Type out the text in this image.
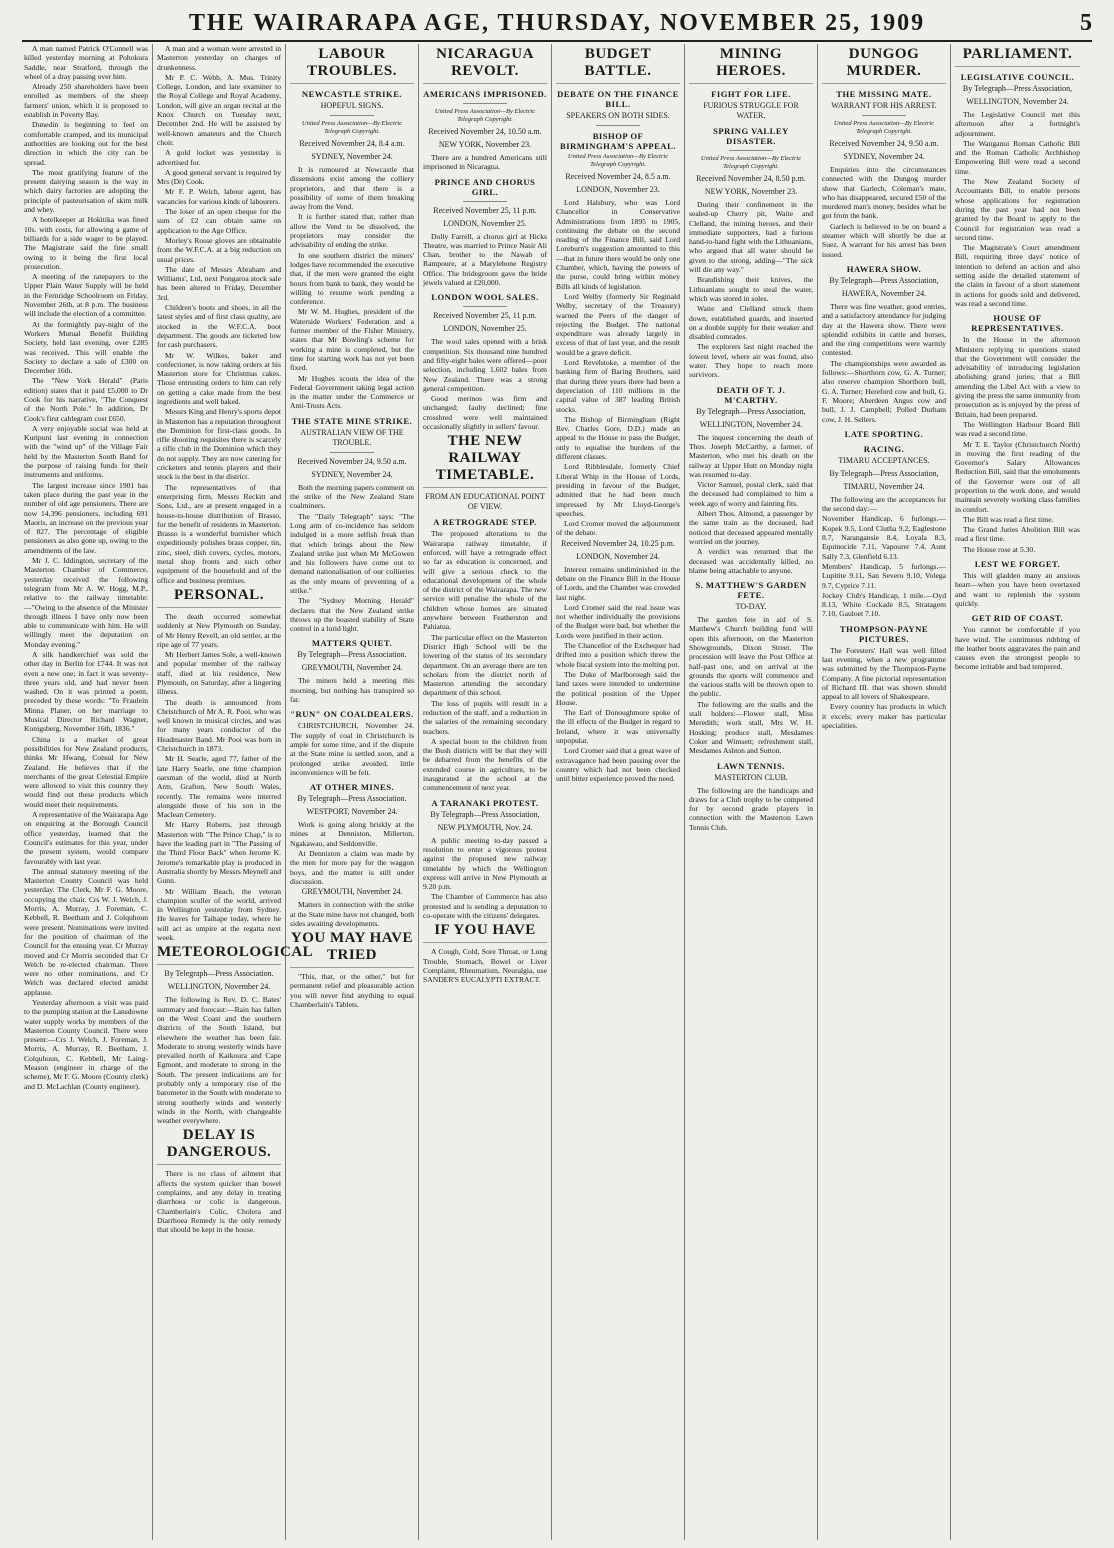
THE WAIRARAPA AGE, THURSDAY, NOVEMBER 25, 1909	5

A man named Patrick O'Connell was killed yesterday morning at Pohokura Saddle, near Stratford, through the wheel of a dray passing over him.

Already 250 shareholders have been enrolled as members of the sheep farmers' union, which it is proposed to establish in Poverty Bay.

Dunedin is beginning to feel on comfortable cramped, and its municipal authorities are looking out for the best direction in which the city can be spread.

The most gratifying feature of the present dairying season is the way in which dairy factories are adopting the principle of pasteurisation of skim milk and whey.

A hotelkeeper at Hokitika was fined 10s. with costs, for allowing a game of billiards for a side wager to be played. The Magistrate said the fine small owing to it being the first local prosecution.

A meeting of the ratepayers to the Upper Plain Water Supply will be held in the Fernridge Schoolroom on Friday, November 26th, at 8 p.m. The business will include the election of a committee.

At the fortnightly pay-night of the Workers Mutual Benefit Building Society, held last evening, over £285 was received. This will enable the Society to declare a sale of £300 on December 16th.

The "New York Herald" (Paris edition) states that it paid £5,000 to Dr Cook for his narrative, "The Conquest of the North Pole." In addition, Dr Cook's first cablegram cost £650.

A very enjoyable social was held at Kuripuni last evening in connection with the "wind up" of the Village Fair held by the Masterton South Band for the purpose of raising funds for their instruments and uniforms.

The largest increase since 1901 has taken place during the past year in the number of old age pensioners. There are now 14,396 pensioners, including 691 Maoris, an increase on the previous year of 827. The percentage of eligible pensioners as also gone up, owing to the amendments of the law.

Mr J. C. Iddington, secretary of the Masterton Chamber of Commerce, yesterday received the following telegram from Mr A. W. Hogg, M.P., relative to the railway timetable:—"Owing to the absence of the Minister through illness I have only now been able to communicate with him. He will willingly meet the deputation on Monday evening."

A silk handkerchief was sold the other day in Berlin for £744. It was not even a new one; in fact it was seventy-three years old, and had never been washed. On it was printed a poem, preceded by these words: "To Fraulein Minna Planer, on her marriage to Musical Director Richard Wagner, Konigsberg, November 16th, 1836."

China is a market of great possibilities for New Zealand products, thinks Mr Hwang, Consul for New Zealand. He believes that if the merchants of the great Celestial Empire were allowed to visit this country they would find out these products which would meet their requirements.

A representative of the Wairarapa Age on enquiring at the Borough Council office yesterday, learned that the Council's estimates for this year, under the present system, would compare favourably with last year.

The annual statutory meeting of the Masterton County Council was held yesterday. The Clerk, Mr F. G. Moore, occupying the chair. Crs W. J. Welch, J. Morris, A. Murray, J. Foreman, C. Kebbell, R. Beetham and J. Colquhoun were present. Nominations were invited for the position of chairman of the Council for the ensuing year. Cr Murray moved and Cr Morris seconded that Cr Welch be re-elected chairman. There were no other nominations, and Cr Welch was declared elected amidst applause.

Yesterday afternoon a visit was paid to the pumping station at the Lansdowne water supply works by members of the Masterton County Council. There were present:—Crs J. Welch, J. Foreman, J. Morris, A. Murray, R. Beetham, J. Colquhoun, C. Kebbell, Mr Laing-Meason (engineer in charge of the scheme), Mr F. G. Moore (County clerk) and D. McLachlan (County engineer).

A man and a woman were arrested in Masterton yesterday on charges of drunkenness.

Mr P. C. Webb, A. Mus. Trinity College, London, and late examiner to the Royal College and Royal Academy, London, will give an organ recital at the Knox Church on Tuesday next, December 2nd. He will be assisted by well-known amateurs and the Church choir.

A gold locket was yesterday is advertised for.

A good general servant is required by Mrs (Dr) Cook.

Mr F. P. Welch, labour agent, has vacancies for various kinds of labourers.

The loser of an open cheque for the sum of £2 can obtain same on application to the Age Office.

Morley's Rosse gloves are obtainable from the W.F.C.A. at a big reduction on usual prices.

The date of Messrs Abraham and Williams', Ltd, next Pongaroa stock sale has been altered to Friday, December 3rd.

Children's boots and shoes, in all the latest styles and of first class quality, are stocked in the W.F.C.A. boot department. The goods are ticketed low for cash purchasers.

Mr W. Wilkes, baker and confectioner, is now taking orders at his Masterton store for Christmas cakes. Those entrusting orders to him can rely on getting a cake made from the best ingredients and well baked.

Messrs King and Henry's sports depot in Masterton has a reputation throughout the Dominion for first-class goods. In rifle shooting requisites there is scarcely a rifle club in the Dominion which they do not supply. They are now catering for cricketers and tennis players and their stock is the best in the district.

The representatives of that enterprising firm, Messrs Reckitt and Sons, Ltd., are at present engaged in a house-to-house distribution of Brasso, for the benefit of residents in Masterton. Brasso is a wonderful burnisher which expeditiously polishes brass copper, tin, zinc, steel, dish covers, cycles, motors, metal shop fronts and such other equipment of the household and of the office and business premises.

PERSONAL.

The death occurred somewhat suddenly at New Plymouth on Sunday, of Mr Henry Revell, an old settler, at the ripe age of 77 years.

Mr Herbert James Sole, a well-known and popular member of the railway staff, died at his residence, New Plymouth, on Saturday, after a lingering illness.

The death is announced from Christchurch of Mr A. R. Pooi, who was well known in musical circles, and was for many years conductor of the Headmaster Band. Mr Pooi was born in Christchurch in 1873.

Mr H. Searle, aged 77, father of the late Harry Searle, one time champion oarsman of the world, died at North Arm, Grafton, New South Wales, recently. The remains were interred alongside those of his son in the Maclean Cemetery.

Mr Harry Roberts, just through Masterton with "The Prince Chap," is to have the leading part in "The Passing of the Third Floor Back" when Jerome K. Jerome's remarkable play is produced in Australia shortly by Messrs Meynell and Gunn.

Mr William Beach, the veteran champion sculler of the world, arrived in Wellington yesterday from Sydney. He leaves for Taihape today, where he will act as umpire at the regatta next week.

METEOROLOGICAL
By Telegraph—Press Association.
WELLINGTON, November 24.

The following is Rev. D. C. Bates' summary and forecast:—Rain has fallen on the West Coast and the southern districts of the South Island, but elsewhere the weather has been fair. Moderate to strong westerly winds have prevailed north of Kaikoura and Cape Egmont, and moderate to strong in the South. The present indications are for probably only a temporary rise of the barometer in the South with moderate to strong southerly winds and westerly winds in the North, with changeable weather everywhere.

DELAY IS DANGEROUS.

There is no class of ailment that affects the system quicker than bowel complaints, and any delay in treating diarrhoea or colic is dangerous. Chamberlain's Colic, Cholera and Diarrhoea Remedy is the only remedy that should be kept in the house.

LABOUR TROUBLES.
NEWCASTLE STRIKE.
HOPEFUL SIGNS.
United Press Association—By Electric Telegraph Copyright.
Received November 24, 8.4 a.m.
SYDNEY, November 24.

It is rumoured at Newcastle that dissensions exist among the colliery proprietors, and that there is a possibility of some of them breaking away from the Vend.

It is further stated that, rather than allow the Vend to be dissolved, the proprietors may consider the advisability of ending the strike.

In one southern district the miners' lodges have recommended the executive that, if the men were granted the eight hours from bank to bank, they would be willing to resume work pending a conference.

Mr W. M. Hughes, president of the Waterside Workers' Federation and a former member of the Fisher Ministry, states that Mr Bowling's scheme for working a mine is completed, but the time for starting work has not yet been fixed.

Mr Hughes scouts the idea of the Federal Government taking legal action in the matter under the Commerce or Anti-Trusts Acts.

THE STATE MINE STRIKE.
AUSTRALIAN VIEW OF THE TROUBLE.
Received November 24, 9.50 a.m.
SYDNEY, November 24.

Both the morning papers comment on the strike of the New Zealand State coalminers.

The "Daily Telegraph" says: "The Long arm of co-incidence has seldom indulged in a more selfish freak than that which brings about the New Zealand strike just when Mr McGowen and his followers have come out to demand nationalisation of our collieries as the only means of preventing of a strike."

The "Sydney Morning Herald" declares that the New Zealand strike throws up the boasted stability of State control in a lurid light.

MATTERS QUIET.
By Telegraph—Press Association.
GREYMOUTH, November 24.

The miners held a meeting this morning, but nothing has transpired so far.

"RUN" ON COALDEALERS.

CHRISTCHURCH, November 24. The supply of coal in Christchurch is ample for some time, and if the dispute at the State mine is settled soon, and a prolonged strike avoided, little inconvenience will be felt.

AT OTHER MINES.
By Telegraph—Press Association.
WESTPORT, November 24.

Work is going along briskly at the mines at Denniston, Millerton, Ngakawau, and Seddonville.

At Denniston a claim was made by the men for more pay for the waggon boys, and the matter is still under discussion.

GREYMOUTH, November 24.

Matters in connection with the strike at the State mine have not changed, both sides awaiting developments.

YOU MAY HAVE TRIED

"This, that, or the other," but for permanent relief and pleasurable action you will never find anything to equal Chamberlain's Tablets.

NICARAGUA REVOLT.
AMERICANS IMPRISONED.
United Press Association—By Electric Telegraph Copyright.
Received November 24, 10.50 a.m.
NEW YORK, November 23.

There are a hundred Americans still imprisoned in Nicaragua.

PRINCE AND CHORUS GIRL.
Received November 25, 11 p.m.
LONDON, November 25.

Dolly Farrell, a chorus girl at Hicks Theatre, was married to Prince Nasir Ali Chan, brother to the Nawab of Rampoure, at a Marylebone Registry Office. The bridegroom gave the bride jewels valued at £20,000.

LONDON WOOL SALES.
Received November 25, 11 p.m.
LONDON, November 25.

The wool sales opened with a brisk competition. Six thousand nine hundred and fifty-eight bales were offered—poor selection, including 1,602 bales from New Zealand. There was a strong general competition.

Good merinos was firm and unchanged; faulty declined; fine crossbred were well maintained occasionally slightly in sellers' favour.

THE NEW RAILWAY TIMETABLE.
FROM AN EDUCATIONAL POINT OF VIEW.
A RETROGRADE STEP.

The proposed alterations to the Wairarapa railway timetable, if enforced, will have a retrograde effect so far as education is concerned, and will give a serious check to the educational development of the whole of the district of the Wairarapa. The new service will penalise the whole of the children whose homes are situated anywhere between Featherston and Pahiatua.

The particular effect on the Masterton District High School will be the lowering of the status of its secondary department. On an average there are ten scholars from the district north of Masterton attending the secondary department of this school.

The loss of pupils will result in a reduction of the staff, and a reduction in the salaries of the remaining secondary teachers.

A special boon to the children from the Bush districts will be that they will be debarred from the benefits of the extended course in agriculture, to be inaugurated at the school at the commencement of next year.

A TARANAKI PROTEST.
By Telegraph—Press Association,
NEW PLYMOUTH, Nov. 24.

A public meeting to-day passed a resolution to enter a vigorous protest against the proposed new railway timetable by which the Wellington express will arrive in New Plymouth at 9.20 p.m.

The Chamber of Commerce has also protested and is sending a deputation to co-operate with the citizens' delegates.

IF YOU HAVE

A Cough, Cold, Sore Throat, or Lung Trouble, Stomach, Bowel or Liver Complaint, Rheumatism, Neuralgia, use SANDER'S EUCALYPTI EXTRACT.

BUDGET BATTLE.
DEBATE ON THE FINANCE BILL.
SPEAKERS ON BOTH SIDES.
BISHOP OF BIRMINGHAM'S APPEAL.
United Press Association—By Electric Telegraph Copyright.
Received November 24, 8.5 a.m.
LONDON, November 23.

Lord Halsbury, who was Lord Chancellor in Conservative Administrations from 1895 to 1905, continuing the debate on the second reading of the Finance Bill, said Lord Loreburn's suggestion amounted to this—that in future there would be only one Chamber, which, having the powers of the purse, could bring within money Bills all kinds of legislation.

Lord Welby (formerly Sir Reginald Welby, secretary of the Treasury) warned the Peers of the danger of rejecting the Budget. The national expenditure was already largely in excess of that of last year, and the result would be a grave deficit.

Lord Revelstoke, a member of the banking firm of Baring Brothers, said that during three years there had been a depreciation of 110 millions in the capital value of 387 leading British stocks.

The Bishop of Birmingham (Right Rev. Charles Gore, D.D.) made an appeal to the House to pass the Budget, only to equalise the burdens of the different classes.

Lord Ribblesdale, formerly Chief Liberal Whip in the House of Lords, presiding in favour of the Budget, admitted that he had been much impressed by Mr Lloyd-George's speeches.

Lord Cromer moved the adjournment of the debate.

Received November 24, 10.25 p.m.
LONDON, November 24.

Interest remains undiminished in the debate on the Finance Bill in the House of Lords, and the Chamber was crowded last night.

Lord Cromer said the real issue was not whether individually the provisions of the Budget were bad, but whether the Lords were justified in their action.

The Chancellor of the Exchequer had drifted into a position which threw the whole fiscal system into the melting pot.

The Duke of Marlborough said the land taxes were intended to undermine the political position of the Upper House.

The Earl of Donoughmore spoke of the ill effects of the Budget in regard to Ireland, where it was universally unpopular.

Lord Cromer said that a great wave of extravagance had been passing over the country which had not been checked until bitter experience proved the need.

MINING HEROES.
FIGHT FOR LIFE.
FURIOUS STRUGGLE FOR WATER.
SPRING VALLEY DISASTER.
United Press Association—By Electric Telegraph Copyright.
Received November 24, 8.50 p.m.
NEW YORK, November 23.

During their confinement in the sealed-up Cherry pit, Waite and Clelland, the mining heroes, and their immediate supporters, had a furious hand-to-hand fight with the Lithuanians, who argued that all water should be given to the strong, adding—"The sick will die any way."

Brandishing their knives, the Lithuanians sought to steal the water, which was stored in soles.

Waite and Clelland struck them down, established guards, and inserted on a double supply for their weaker and disabled comrades.

The explorers last night reached the lowest level, where air was found, also water. They hope to reach more survivors.

DEATH OF T. J. M'CARTHY.
By Telegraph—Press Association,
WELLINGTON, November 24.

The inquest concerning the death of Thos. Joseph McCarthy, a farmer, of Masterton, who met his death on the railway at Upper Hutt on Monday night was resumed to-day.

Victor Samuel, postal clerk, said that the deceased had complained to him a week ago of worry and fainting fits.

Albert Thos. Almond, a passenger by the same train as the deceased, had noticed that deceased appeared mentally worried on the journey.

A verdict was returned that the deceased was accidentally killed, no blame being attachable to anyone.

S. MATTHEW'S GARDEN FETE.
TO-DAY.

The garden fete in aid of S. Matthew's Church building fund will open this afternoon, on the Masterton Showgrounds, Dixon Street. The procession will leave the Post Office at half-past one, and on arrival at the grounds the sports will commence and the various stalls will be thrown open to the public.

The following are the stalls and the stall holders:—Flower stall, Miss Meredith; work stall, Mrs W. H. Hosking; produce stall, Mesdames Coker and Wimsett; refreshment stall, Mesdames Ashton and Sutton.

LAWN TENNIS.
MASTERTON CLUB.

The following are the handicaps and draws for a Club trophy to be competed for by second grade players in connection with the Masterton Lawn Tennis Club.

DUNGOG MURDER.
THE MISSING MATE.
WARRANT FOR HIS ARREST.
United Press Association—By Electric Telegraph Copyright.
Received November 24, 9.50 a.m.
SYDNEY, November 24.

Enquiries into the circumstances connected with the Dungog murder show that Garlech, Coleman's mate, who has disappeared, secured £50 of the murdered man's money, besides what he got from the bank.

Garlech is believed to be on board a steamer which will shortly be due at Suez. A warrant for his arrest has been issued.

HAWERA SHOW.
By Telegraph—Press Association,
HAWERA, November 24.

There was fine weather, good entries, and a satisfactory attendance for judging day at the Hawera show. There were splendid exhibits in cattle and horses, and the ring competitions were warmly contested.

The championships were awarded as follows:—Shorthorn cow, G. A. Turner; also reserve champion Shorthorn bull, G. A. Turner; Hereford cow and bull, G. F. Moore; Aberdeen Angus cow and bull, J. J. Campbell; Polled Durham cow, J. H. Sellers.

LATE SPORTING.
RACING.
TIMARU ACCEPTANCES.
By Telegraph—Press Association,
TIMARU, November 24.

The following are the acceptances for the second day:—

November Handicap, 6 furlongs.—Kopek 9.5, Lord Clutha 9.2, Eaglestone 8.7, Narangansie 8.4, Loyala 8.3, Equinocide 7.11, Vapourer 7.4, Aunt Sally 7.3, Glenfield 6.13.

Members' Handicap, 5 furlongs.—Lupitite 9.11, San Severo 9.10, Volega 9.7, Cyprice 7.11.

Jockey Club's Handicap, 1 mile.—Oyd 8.13, White Cockade 8.5, Stratagem 7.10, Gauloet 7.10.

THOMPSON-PAYNE PICTURES.

The Foresters' Hall was well filled last evening, when a new programme was submitted by the Thompson-Payne Company. A fine pictorial representation of Richard III. that was shown should appeal to all lovers of Shakespeare.

Every country has products in which it excels; every maker has particular specialities.

PARLIAMENT.
LEGISLATIVE COUNCIL.
By Telegraph—Press Association,
WELLINGTON, November 24.

The Legislative Council met this afternoon after a fortnight's adjournment.

The Wanganui Roman Catholic Bill and the Roman Catholic Archbishop Empowering Bill were read a second time.

The New Zealand Society of Accountants Bill, to enable persons whose applications for registration during the past year had not been granted by the Board to apply to the Council for registration was read a second time.

The Magistrate's Court amendment Bill, requiring three days' notice of intention to defend an action and also setting aside the detailed statement of the claim in favour of a short statement in actions for goods sold and delivered, was read a second time.

HOUSE OF REPRESENTATIVES.

In the House in the afternoon Ministers replying to questions stated that the Government will consider the advisability of introducing legislation abolishing grand juries; that a Bill amending the Libel Act with a view to giving the press the same immunity from prosecution as is enjoyed by the press of Britain, had been prepared.

The Wellington Harbour Board Bill was read a second time.

Mr T. E. Taylor (Christchurch North) in moving the first reading of the Governor's Salary Allowances Reduction Bill, said that the emoluments of the Governor were out of all proportion to the work done, and would maintain severely working class families in comfort.

The Bill was read a first time.

The Grand Juries Abolition Bill was read a first time.

The House rose at 5.30.

LEST WE FORGET.

This will gladden many an anxious heart—when you have been overtaxed and want to replenish the system quickly.

GET RID OF COAST.

You cannot be comfortable if you have wind. The continuous rubbing of the leather boots aggravates the pain and causes even the strongest people to become irritable and bad tempered.
